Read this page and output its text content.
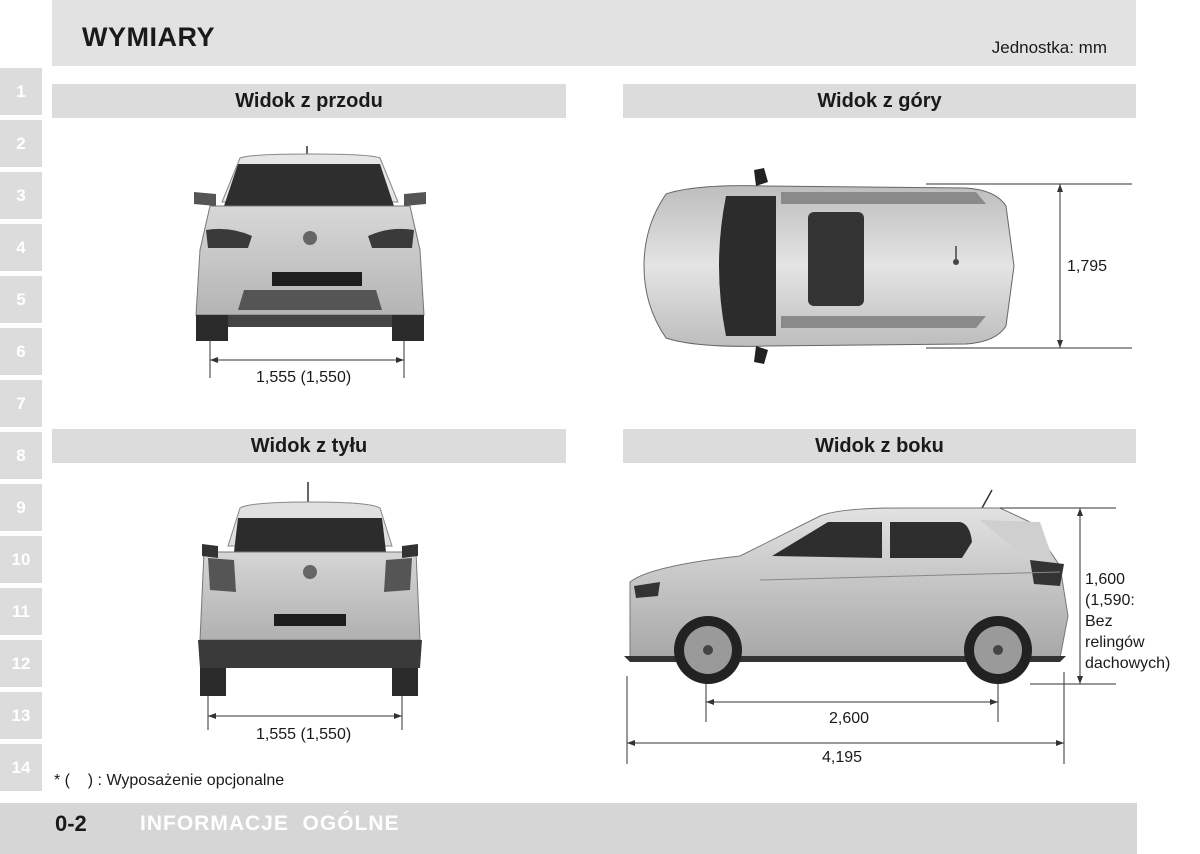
WYMIARY	Jednostka: mm
1
2
3
4
5
6
7
8
9
10
11
12
13
14
Widok z przodu	Widok z góry
Widok z tyłu	Widok z boku
1,555 (1,550)
1,795
1,555 (1,550)
1,600
(1,590:
Bez
relingów
dachowych)
2,600
4,195
* (    ) : Wyposażenie opcjonalne
0-2	INFORMACJE  OGÓLNE
